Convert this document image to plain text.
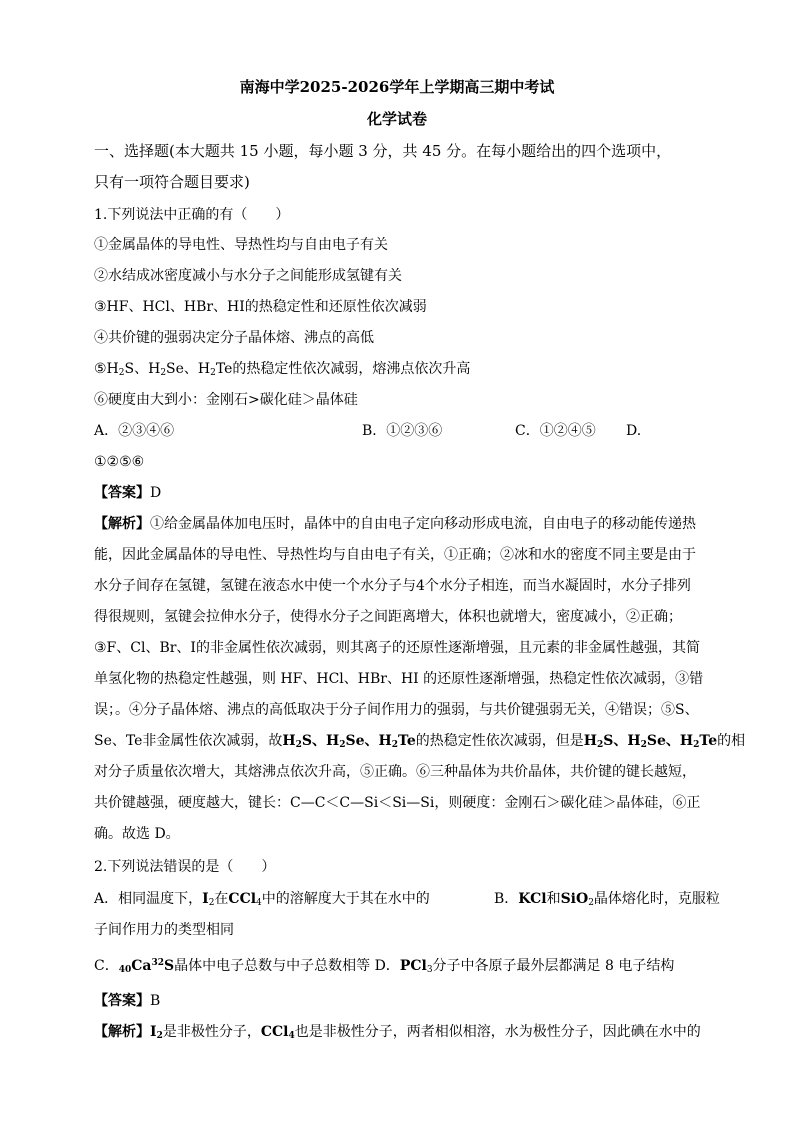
南海中学2025-2026学年上学期高三期中考试
化学试卷
一、选择题(本大题共 15 小题，每小题 3 分，共 45 分。在每小题给出的四个选项中，
只有一项符合题目要求)
1.下列说法中正确的有（　　）
①金属晶体的导电性、导热性均与自由电子有关
②水结成冰密度减小与水分子之间能形成氢键有关
③HF、HCl、HBr、HI的热稳定性和还原性依次减弱
④共价键的强弱决定分子晶体熔、沸点的高低
$⑤H_2S$、$H_2Se$、$H_2Te$的热稳定性依次减弱，熔沸点依次升高
⑥硬度由大到小：金刚石>碳化硅＞晶体硅
A．②③④⑥	B．①②③⑥	C．①②④⑤ D.
①②⑤⑥
【答案】D
【解析】①给金属晶体加电压时，晶体中的自由电子定向移动形成电流，自由电子的移动能传递热
能，因此金属晶体的导电性、导热性均与自由电子有关，①正确；②冰和水的密度不同主要是由于
水分子间存在氢键，氢键在液态水中使一个水分子与4个水分子相连，而当水凝固时，水分子排列
得很规则，氢键会拉伸水分子，使得水分子之间距离增大，体积也就增大，密度减小，②正确；
③F、Cl、Br、I的非金属性依次减弱，则其离子的还原性逐渐增强，且元素的非金属性越强，其简
单氢化物的热稳定性越强，则 HF、HCl、HBr、HI 的还原性逐渐增强，热稳定性依次减弱，③错
误；。④分子晶体熔、沸点的高低取决于分子间作用力的强弱，与共价键强弱无关，④错误；⑤S、
Se、Te非金属性依次减弱，故$H_2S$、$H_2Se$、$H_2Te$的热稳定性依次减弱，但是$H_2S$、$H_2Se$、$H_2Te$的相
对分子质量依次增大，其熔沸点依次升高，⑤正确。⑥三种晶体为共价晶体，共价键的键长越短，
共价键越强，硬度越大，键长：C—C＜C—Si＜Si—Si，则硬度：金刚石＞碳化硅＞晶体硅，⑥正
确。故选 D。
2.下列说法错误的是（　　）
A．相同温度下，$I_2$在CCl$_4$中的溶解度大于其在水中的	B．KCl和SiO$_2$晶体熔化时，克服粒
子间作用力的类型相同
C．$_{40}Ca^{32}S$晶体中电子总数与中子总数相等 D．PCl$_3$分子中各原子最外层都满足 8 电子结构
【答案】B
【解析】$I_2$是非极性分子，CCl$_4$也是非极性分子，两者相似相溶，水为极性分子，因此碘在水中的
